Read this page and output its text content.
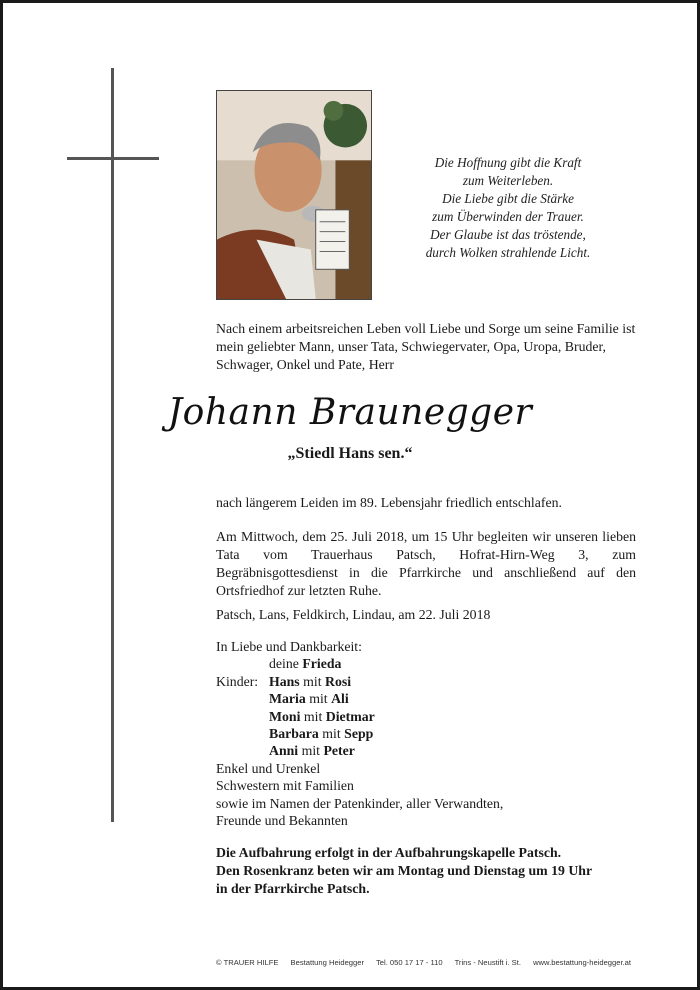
Die Hoffnung gibt die Kraft
zum Weiterleben.
Die Liebe gibt die Stärke
zum Überwinden der Trauer.
Der Glaube ist das tröstende,
durch Wolken strahlende Licht.
Nach einem arbeitsreichen Leben voll Liebe und Sorge um seine Familie ist mein geliebter Mann, unser Tata, Schwiegervater, Opa, Uropa, Bruder, Schwager, Onkel und Pate, Herr
Johann Braunegger
„Stiedl Hans sen.“
nach längerem Leiden im 89. Lebensjahr friedlich entschlafen.
Am Mittwoch, dem 25. Juli 2018, um 15 Uhr begleiten wir unseren lieben Tata vom Trauerhaus Patsch, Hofrat-Hirn-Weg 3, zum Begräbnisgottesdienst in die Pfarrkirche und anschließend auf den Ortsfriedhof zur letzten Ruhe.
Patsch, Lans, Feldkirch, Lindau, am 22. Juli 2018
In Liebe und Dankbarkeit:
deine Frieda
Kinder: Hans mit Rosi
Maria mit Ali
Moni mit Dietmar
Barbara mit Sepp
Anni mit Peter
Enkel und Urenkel
Schwestern mit Familien
sowie im Namen der Patenkinder, aller Verwandten,
Freunde und Bekannten
Die Aufbahrung erfolgt in der Aufbahrungskapelle Patsch.
Den Rosenkranz beten wir am Montag und Dienstag um 19 Uhr
in der Pfarrkirche Patsch.
© TRAUER HILFE Bestattung Heidegger Tel. 050 17 17 - 110 Trins - Neustift i. St. www.bestattung-heidegger.at
